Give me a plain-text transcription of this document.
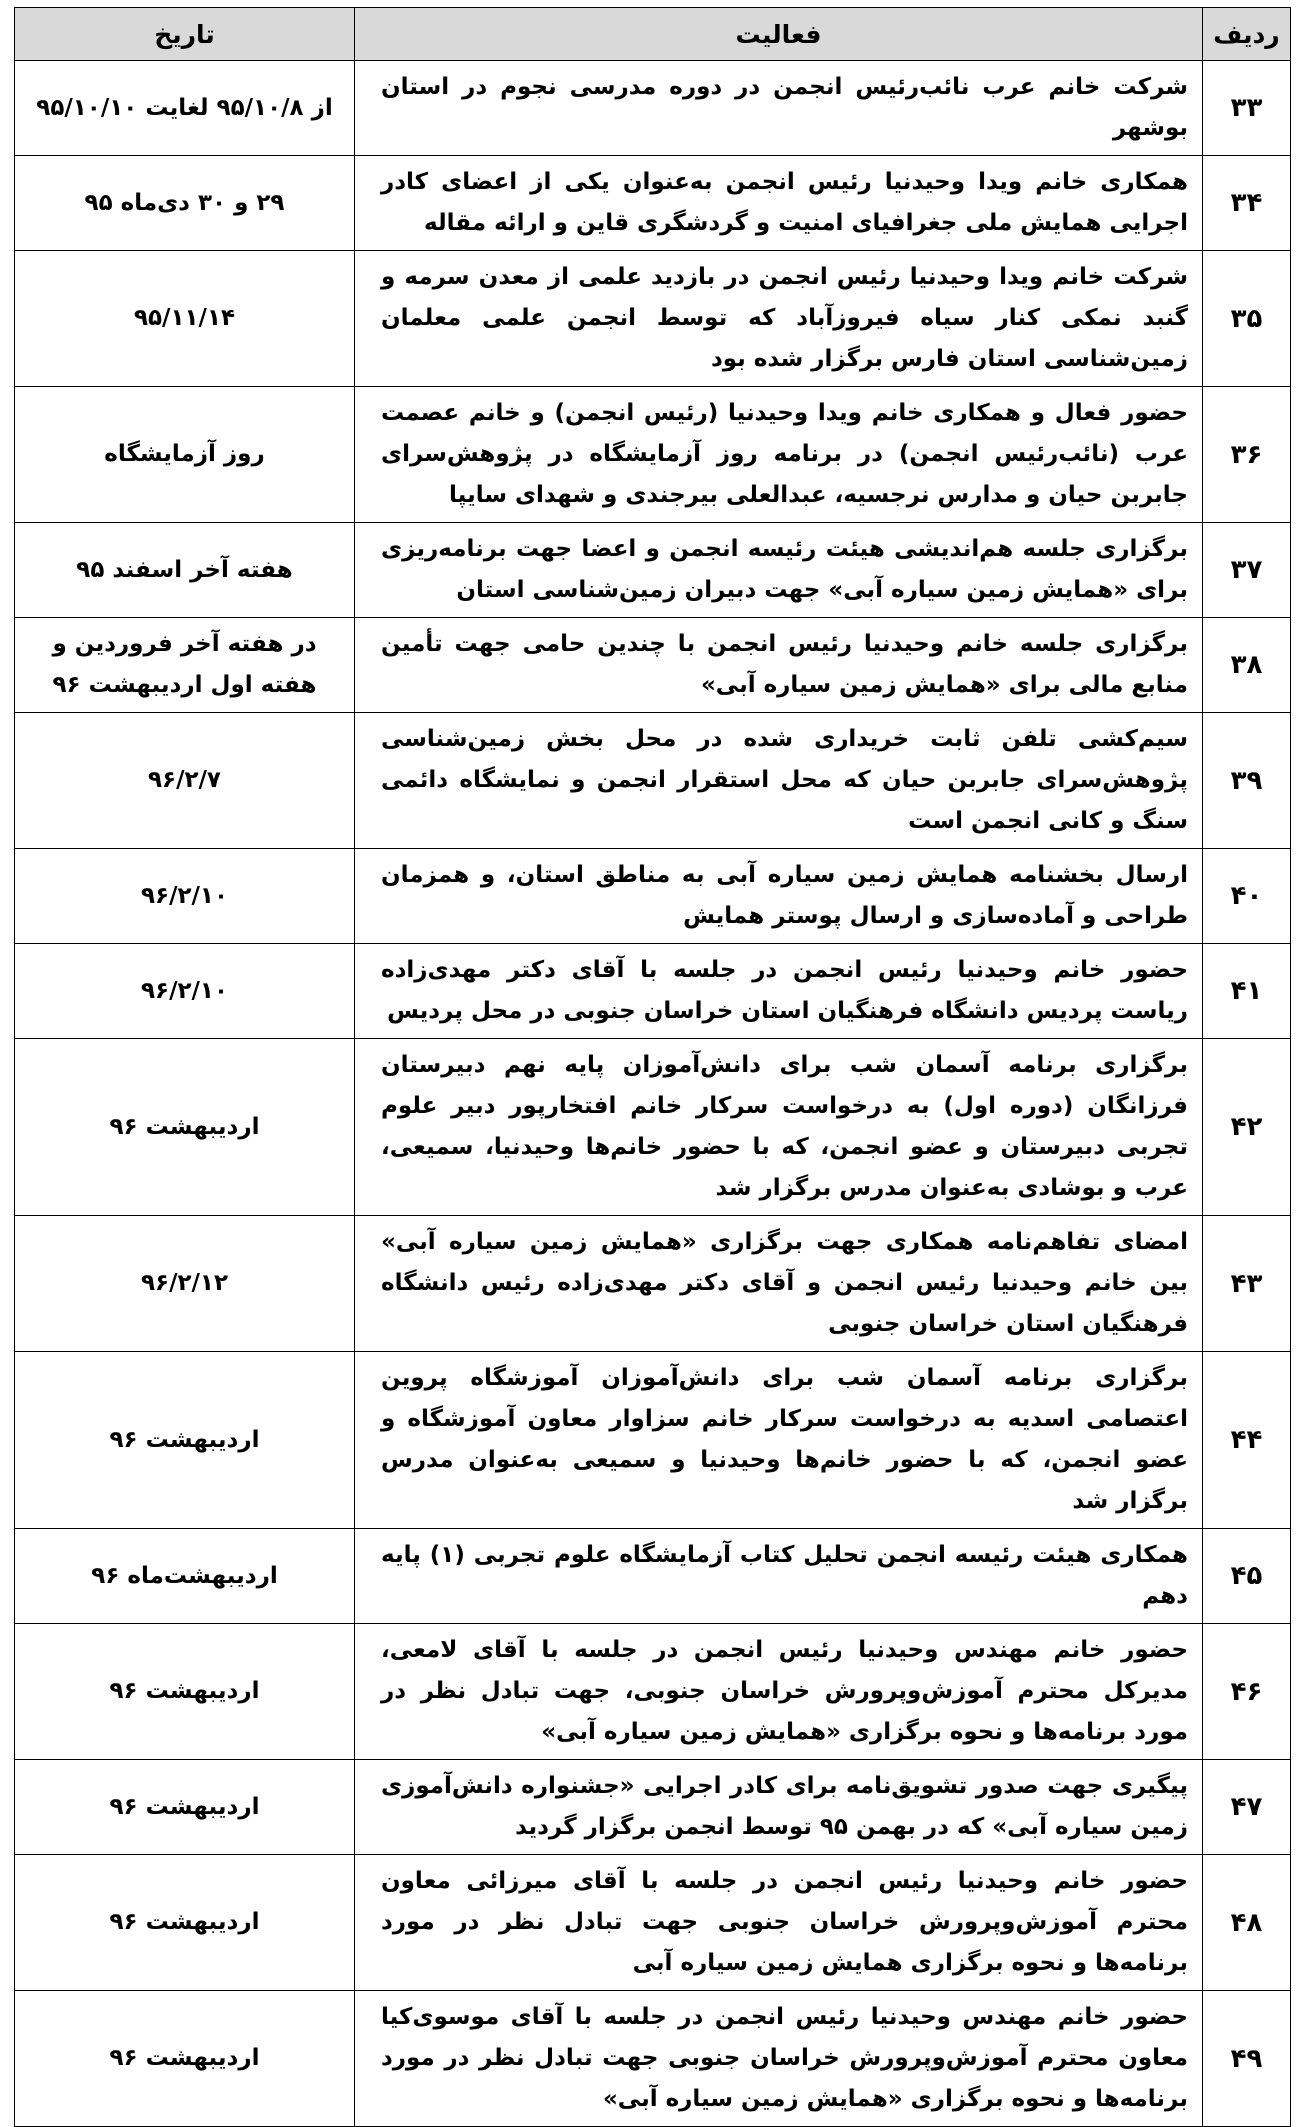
ردیف	فعالیت	تاریخ
۳۳	شرکت خانم عرب نائب‌رئیس انجمن در دوره مدرسی نجوم در استان بوشهر	از ۹۵/۱۰/۸ لغایت ۹۵/۱۰/۱۰
۳۴	همکاری خانم ویدا وحیدنیا رئیس انجمن به‌عنوان یکی از اعضای کادر اجرایی همایش ملی جغرافیای امنیت و گردشگری قاین و ارائه مقاله	۲۹ و ۳۰ دی‌ماه ۹۵
۳۵	شرکت خانم ویدا وحیدنیا رئیس انجمن در بازدید علمی از معدن سرمه و گنبد نمکی کنار سیاه فیروزآباد که توسط انجمن علمی معلمان زمین‌شناسی استان فارس برگزار شده بود	۹۵/۱۱/۱۴
۳۶	حضور فعال و همکاری خانم ویدا وحیدنیا (رئیس انجمن) و خانم عصمت عرب (نائب‌رئیس انجمن) در برنامه روز آزمایشگاه در پژوهش‌سرای جابربن حیان و مدارس نرجسیه، عبدالعلی بیرجندی و شهدای سایپا	روز آزمایشگاه
۳۷	برگزاری جلسه هم‌اندیشی هیئت رئیسه انجمن و اعضا جهت برنامه‌ریزی برای «همایش زمین سیاره آبی» جهت دبیران زمین‌شناسی استان	هفته آخر اسفند ۹۵
۳۸	برگزاری جلسه خانم وحیدنیا رئیس انجمن با چندین حامی جهت تأمین منابع مالی برای «همایش زمین سیاره آبی»	در هفته آخر فروردین و هفته اول اردیبهشت ۹۶
۳۹	سیم‌کشی تلفن ثابت خریداری شده در محل بخش زمین‌شناسی پژوهش‌سرای جابربن حیان که محل استقرار انجمن و نمایشگاه دائمی سنگ و کانی انجمن است	۹۶/۲/۷
۴۰	ارسال بخشنامه همایش زمین سیاره آبی به مناطق استان، و همزمان طراحی و آماده‌سازی و ارسال پوستر همایش	۹۶/۲/۱۰
۴۱	حضور خانم وحیدنیا رئیس انجمن در جلسه با آقای دکتر مهدی‌زاده ریاست پردیس دانشگاه فرهنگیان استان خراسان جنوبی در محل پردیس	۹۶/۲/۱۰
۴۲	برگزاری برنامه آسمان شب برای دانش‌آموزان پایه نهم دبیرستان فرزانگان (دوره اول) به درخواست سرکار خانم افتخارپور دبیر علوم تجربی دبیرستان و عضو انجمن، که با حضور خانم‌ها وحیدنیا، سمیعی، عرب و بوشادی به‌عنوان مدرس برگزار شد	اردیبهشت ۹۶
۴۳	امضای تفاهم‌نامه همکاری جهت برگزاری «همایش زمین سیاره آبی» بین خانم وحیدنیا رئیس انجمن و آقای دکتر مهدی‌زاده رئیس دانشگاه فرهنگیان استان خراسان جنوبی	۹۶/۲/۱۲
۴۴	برگزاری برنامه آسمان شب برای دانش‌آموزان آموزشگاه پروین اعتصامی اسدیه به درخواست سرکار خانم سزاوار معاون آموزشگاه و عضو انجمن، که با حضور خانم‌ها وحیدنیا و سمیعی به‌عنوان مدرس برگزار شد	اردیبهشت ۹۶
۴۵	همکاری هیئت رئیسه انجمن تحلیل کتاب آزمایشگاه علوم تجربی (۱) پایه دهم	اردیبهشت‌ماه ۹۶
۴۶	حضور خانم مهندس وحیدنیا رئیس انجمن در جلسه با آقای لامعی، مدیرکل محترم آموزش‌وپرورش خراسان جنوبی، جهت تبادل نظر در مورد برنامه‌ها و نحوه برگزاری «همایش زمین سیاره آبی»	اردیبهشت ۹۶
۴۷	پیگیری جهت صدور تشویق‌نامه برای کادر اجرایی «جشنواره دانش‌آموزی زمین سیاره آبی» که در بهمن ۹۵ توسط انجمن برگزار گردید	اردیبهشت ۹۶
۴۸	حضور خانم وحیدنیا رئیس انجمن در جلسه با آقای میرزائی معاون محترم آموزش‌وپرورش خراسان جنوبی جهت تبادل نظر در مورد برنامه‌ها و نحوه برگزاری همایش زمین سیاره آبی	اردیبهشت ۹۶
۴۹	حضور خانم مهندس وحیدنیا رئیس انجمن در جلسه با آقای موسوی‌کیا معاون محترم آموزش‌وپرورش خراسان جنوبی جهت تبادل نظر در مورد برنامه‌ها و نحوه برگزاری «همایش زمین سیاره آبی»	اردیبهشت ۹۶
